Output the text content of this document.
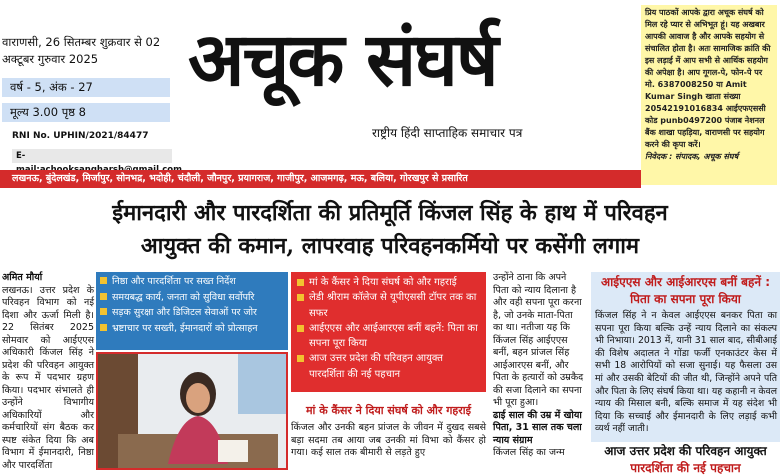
वाराणसी, 26 सितम्बर शुक्रवार से 02 अक्टूबर गुरुवार 2025
वर्ष - 5, अंक - 27
मूल्य 3.00 पृष्ठ 8
RNI No. UPHIN/2021/84477
E-
अचूक संघर्ष
राष्ट्रीय हिंदी साप्ताहिक समाचार पत्र
प्रिय पाठकों आपके द्वारा अचूक संघर्ष को मिल रहे प्यार से अभिभूत हूं। यह अखबार आपकी आवाज है और आपके सहयोग से संचालित होता है। अतः सामाजिक क्रांति की इस लड़ाई में आप सभी से आर्थिक सहयोग की अपेक्षा है। आप गूगल-पे, फोन-पे पर मो. 6387008250 या Amit Kumar Singh खाता संख्या 20542191016834 आईएफएससी कोड punb0497200 पंजाब नेशनल बैंक शाखा पहड़िया, वाराणसी पर सहयोग करने की कृपा करें।
निवेदक : संपादक, अचूक संघर्ष
लखनऊ, बुंदेलखंड, मिर्जापुर, सोनभद्र, भदोही, चंदौली, जौनपुर, प्रयागराज, गाजीपुर, आजमगढ़, मऊ, बलिया, गोरखपुर से प्रसारित
ईमानदारी और पारदर्शिता की प्रतिमूर्ति किंजल सिंह के हाथ में परिवहन
आयुक्त की कमान, लापरवाह परिवहनकर्मियो पर कसेंगी लगाम
अमित मौर्या
लखनऊ। उत्तर प्रदेश के परिवहन विभाग को नई दिशा और ऊर्जा मिली है। 22 सितंबर 2025 सोमवार को आईएएस अधिकारी किंजल सिंह ने प्रदेश की परिवहन आयुक्त के रूप में पदभार ग्रहण किया। पदभार संभालते ही उन्होंने विभागीय अधिकारियों और कर्मचारियों संग बैठक कर स्पष्ट संकेत दिया कि अब विभाग में ईमानदारी, निष्ठा और पारदर्शिता
निष्ठा और पारदर्शिता पर सख्त निर्देश
समयबद्ध कार्य, जनता को सुविधा सर्वोपरि
सड़क सुरक्षा और डिजिटल सेवाओं पर जोर
भ्रष्टाचार पर सख्ती, ईमानदारों को प्रोत्साहन
मां के कैंसर ने दिया संघर्ष को और गहराई
लेडी श्रीराम कॉलेज से यूपीएससी टॉपर तक का सफर
आईएएस और आईआरएस बनीं बहनें: पिता का सपना पूरा किया
आज उत्तर प्रदेश की परिवहन आयुक्त पारदर्शिता की नई पहचान
मां के कैंसर ने दिया संघर्ष को और गहराई
किंजल और उनकी बहन प्रांजल के जीवन में दुखद सबसे बड़ा सदमा तब आया जब उनकी मां विभा को कैंसर हो गया। कई साल तक बीमारी से लड़ते हुए
उन्होंने ठाना कि अपने पिता को न्याय दिलाना है और वही सपना पूरा करना है, जो उनके माता-पिता का था। नतीजा यह कि किंजल सिंह आईएएस बनीं, बहन प्रांजल सिंह आईआरएस बनीं, और पिता के हत्यारों को उम्रकैद की सजा दिलाने का सपना भी पूरा हुआ।
ढाई साल की उम्र में खोया पिता, 31 साल तक चला न्याय संग्राम
किंजल सिंह का जन्म
आईएएस और आईआरएस बनीं बहनें : पिता का सपना पूरा किया
किंजल सिंह ने न केवल आईएएस बनकर पिता का सपना पूरा किया बल्कि उन्हें न्याय दिलाने का संकल्प भी निभाया। 2013 में, यानी 31 साल बाद, सीबीआई की विशेष अदालत ने गोंडा फर्जी एनकाउंटर केस में सभी 18 आरोपियों को सजा सुनाई। यह फैसला उस मां और उसकी बेटियों की जीत थी, जिन्होंने अपने पति और पिता के लिए संघर्ष किया था। यह कहानी न केवल न्याय की मिसाल बनी, बल्कि समाज में यह संदेश भी दिया कि सच्चाई और ईमानदारी के लिए लड़ाई कभी व्यर्थ नहीं जाती।
आज उत्तर प्रदेश की परिवहन आयुक्त
पारदर्शिता की नई पहचान
